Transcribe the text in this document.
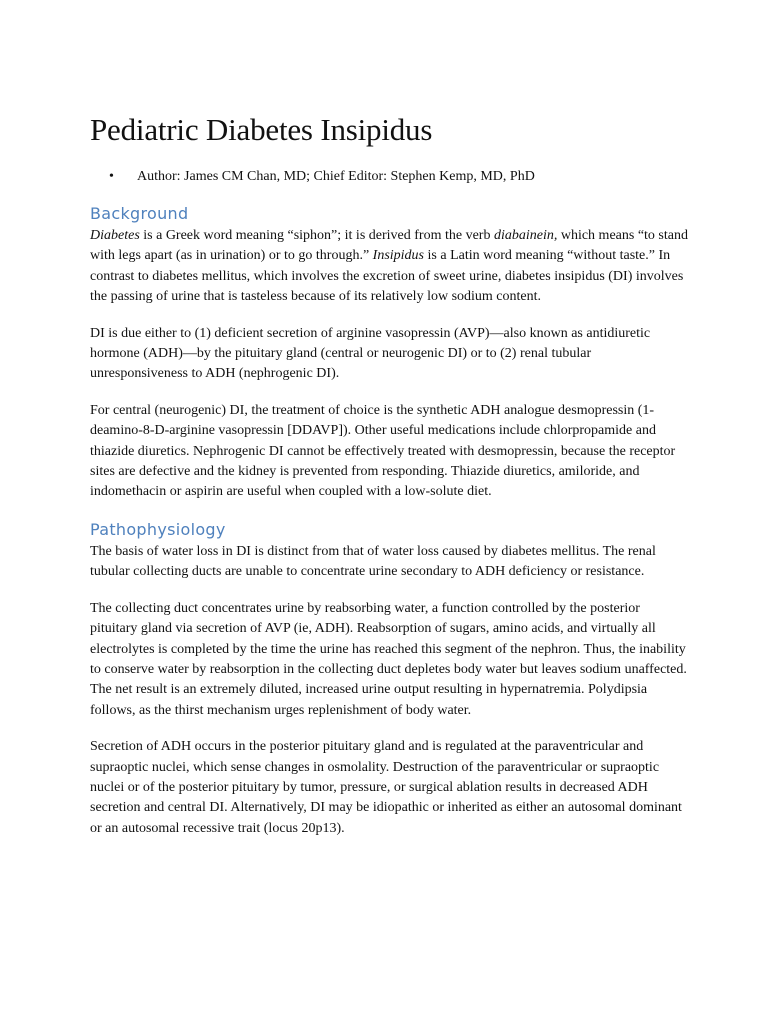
Pediatric Diabetes Insipidus
• Author: James CM Chan, MD; Chief Editor: Stephen Kemp, MD, PhD
Background

Diabetes is a Greek word meaning “siphon”; it is derived from the verb diabainein, which means “to stand with legs apart (as in urination) or to go through.” Insipidus is a Latin word meaning “without taste.” In contrast to diabetes mellitus, which involves the excretion of sweet urine, diabetes insipidus (DI) involves the passing of urine that is tasteless because of its relatively low sodium content.

DI is due either to (1) deficient secretion of arginine vasopressin (AVP)—also known as antidiuretic hormone (ADH)—by the pituitary gland (central or neurogenic DI) or to (2) renal tubular unresponsiveness to ADH (nephrogenic DI).

For central (neurogenic) DI, the treatment of choice is the synthetic ADH analogue desmopressin (1-deamino-8-D-arginine vasopressin [DDAVP]). Other useful medications include chlorpropamide and thiazide diuretics. Nephrogenic DI cannot be effectively treated with desmopressin, because the receptor sites are defective and the kidney is prevented from responding. Thiazide diuretics, amiloride, and indomethacin or aspirin are useful when coupled with a low-solute diet.

Pathophysiology

The basis of water loss in DI is distinct from that of water loss caused by diabetes mellitus. The renal tubular collecting ducts are unable to concentrate urine secondary to ADH deficiency or resistance.

The collecting duct concentrates urine by reabsorbing water, a function controlled by the posterior pituitary gland via secretion of AVP (ie, ADH). Reabsorption of sugars, amino acids, and virtually all electrolytes is completed by the time the urine has reached this segment of the nephron. Thus, the inability to conserve water by reabsorption in the collecting duct depletes body water but leaves sodium unaffected. The net result is an extremely diluted, increased urine output resulting in hypernatremia. Polydipsia follows, as the thirst mechanism urges replenishment of body water.

Secretion of ADH occurs in the posterior pituitary gland and is regulated at the paraventricular and supraoptic nuclei, which sense changes in osmolality. Destruction of the paraventricular or supraoptic nuclei or of the posterior pituitary by tumor, pressure, or surgical ablation results in decreased ADH secretion and central DI. Alternatively, DI may be idiopathic or inherited as either an autosomal dominant or an autosomal recessive trait (locus 20p13).
